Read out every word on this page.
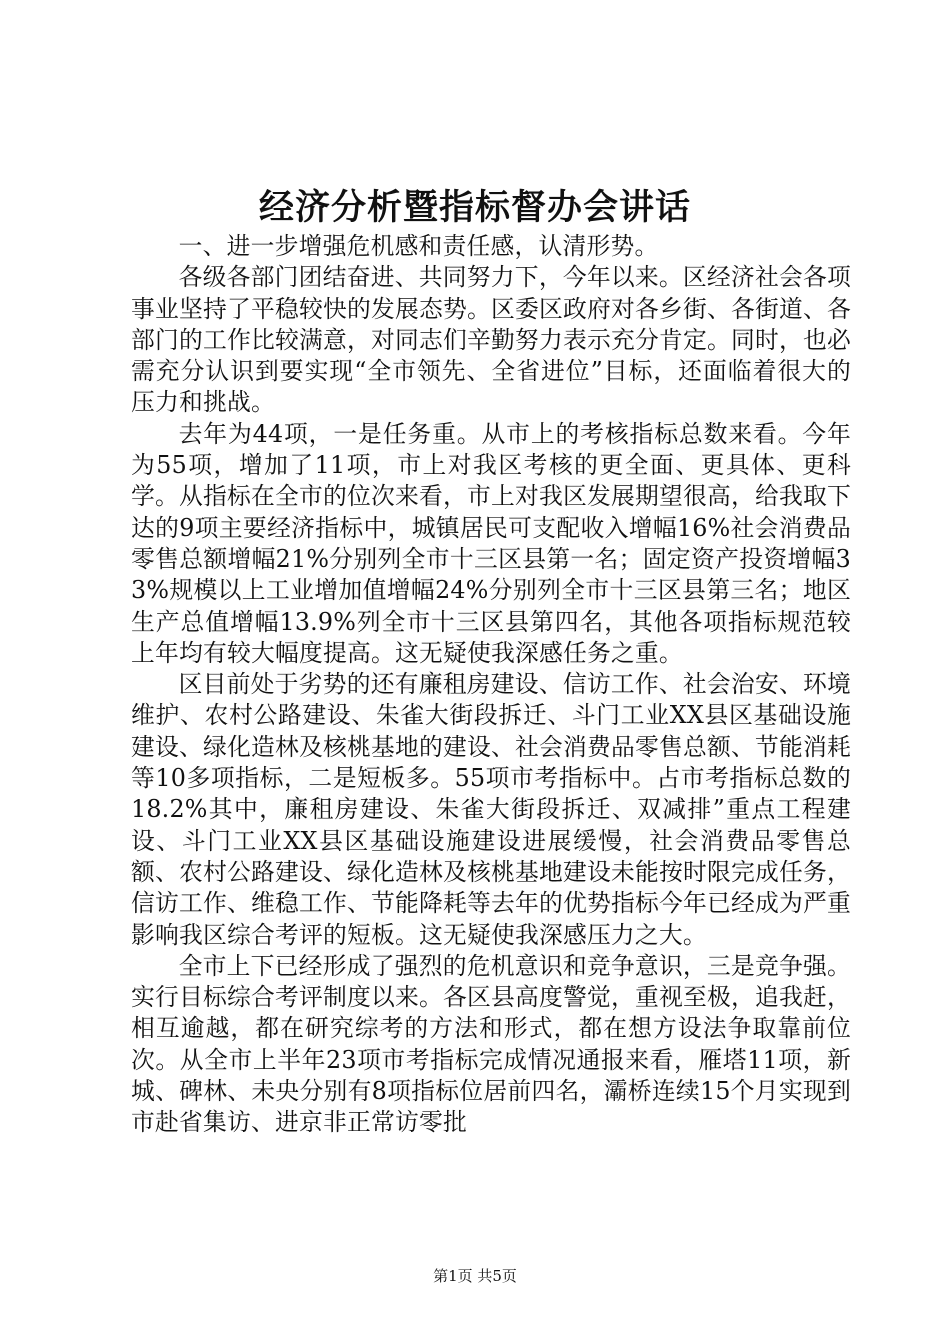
经济分析暨指标督办会讲话

一、进一步增强危机感和责任感，认清形势。

各级各部门团结奋进、共同努力下，今年以来。区经济社会各项事业坚持了平稳较快的发展态势。区委区政府对各乡街、各街道、各部门的工作比较满意，对同志们辛勤努力表示充分肯定。同时，也必需充分认识到要实现“全市领先、全省进位”目标，还面临着很大的压力和挑战。

去年为44项，一是任务重。从市上的考核指标总数来看。今年为55项，增加了11项，市上对我区考核的更全面、更具体、更科学。从指标在全市的位次来看，市上对我区发展期望很高，给我取下达的9项主要经济指标中，城镇居民可支配收入增幅16%社会消费品零售总额增幅21%分别列全市十三区县第一名；固定资产投资增幅33%规模以上工业增加值增幅24%分别列全市十三区县第三名；地区生产总值增幅13.9%列全市十三区县第四名，其他各项指标规范较上年均有较大幅度提高。这无疑使我深感任务之重。

区目前处于劣势的还有廉租房建设、信访工作、社会治安、环境维护、农村公路建设、朱雀大街段拆迁、斗门工业XX县区基础设施建设、绿化造林及核桃基地的建设、社会消费品零售总额、节能消耗等10多项指标，二是短板多。55项市考指标中。占市考指标总数的18.2%其中，廉租房建设、朱雀大街段拆迁、双减排”重点工程建设、斗门工业XX县区基础设施建设进展缓慢，社会消费品零售总额、农村公路建设、绿化造林及核桃基地建设未能按时限完成任务，信访工作、维稳工作、节能降耗等去年的优势指标今年已经成为严重影响我区综合考评的短板。这无疑使我深感压力之大。

全市上下已经形成了强烈的危机意识和竞争意识，三是竞争强。实行目标综合考评制度以来。各区县高度警觉，重视至极，追我赶，相互逾越，都在研究综考的方法和形式，都在想方设法争取靠前位次。从全市上半年23项市考指标完成情况通报来看，雁塔11项，新城、碑林、未央分别有8项指标位居前四名，灞桥连续15个月实现到市赴省集访、进京非正常访零批

第1页 共5页
